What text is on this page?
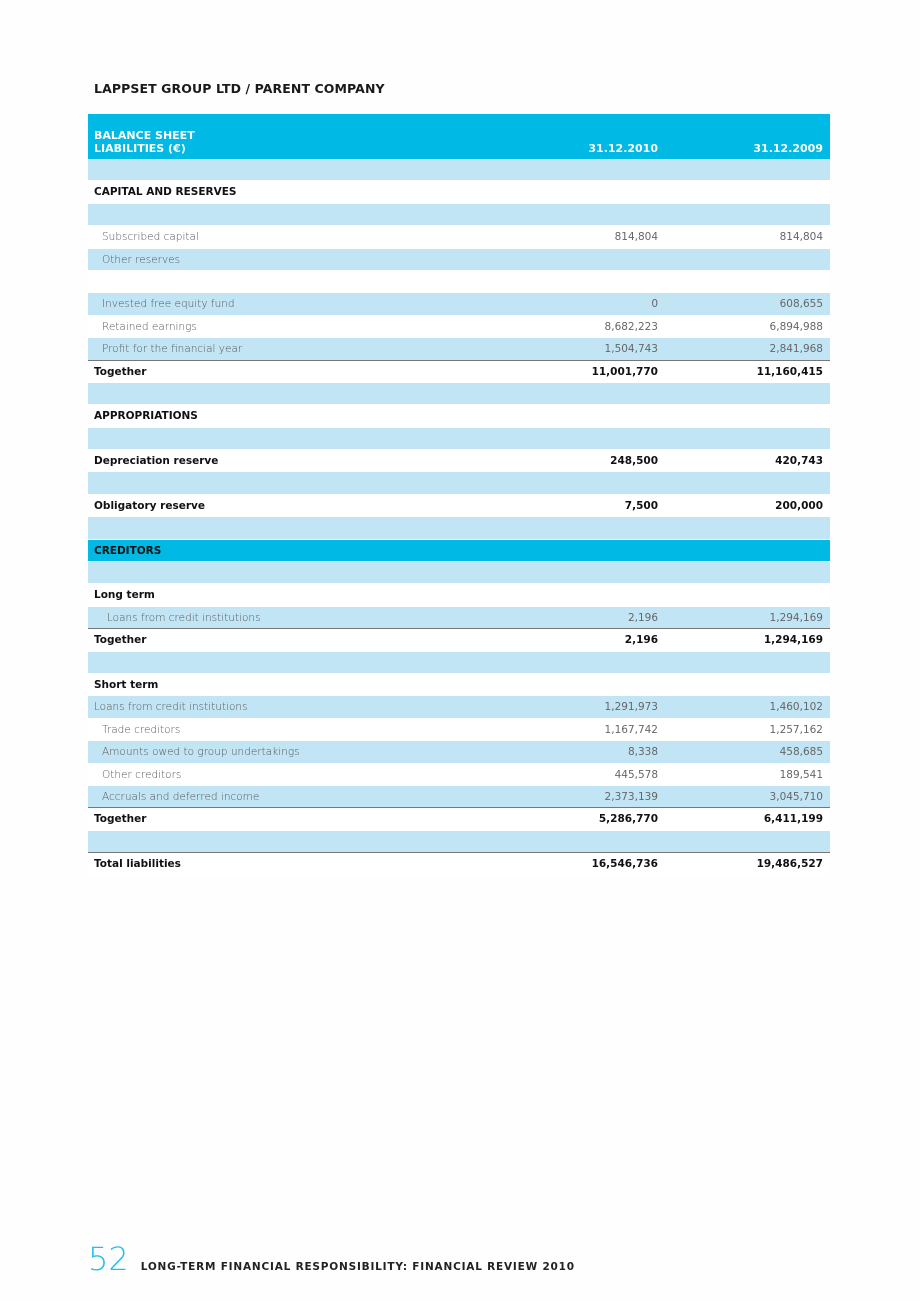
LAPPSET GROUP LTD / PARENT COMPANY
BALANCE SHEET
LIABILITIES (€)	31.12.2010	31.12.2009
CAPITAL AND RESERVES
Subscribed capital	814,804	814,804
Other reserves
Invested free equity fund	0	608,655
Retained earnings	8,682,223	6,894,988
Profit for the financial year	1,504,743	2,841,968
Together	11,001,770	11,160,415
APPROPRIATIONS
Depreciation reserve	248,500	420,743
Obligatory reserve	7,500	200,000
CREDITORS
Long term
Loans from credit institutions	2,196	1,294,169
Together	2,196	1,294,169
Short term
Loans from credit institutions	1,291,973	1,460,102
Trade creditors	1,167,742	1,257,162
Amounts owed to group undertakings	8,338	458,685
Other creditors	445,578	189,541
Accruals and deferred income	2,373,139	3,045,710
Together	5,286,770	6,411,199
Total liabilities	16,546,736	19,486,527
52 LONG-TERM FINANCIAL RESPONSIBILITY: FINANCIAL REVIEW 2010
